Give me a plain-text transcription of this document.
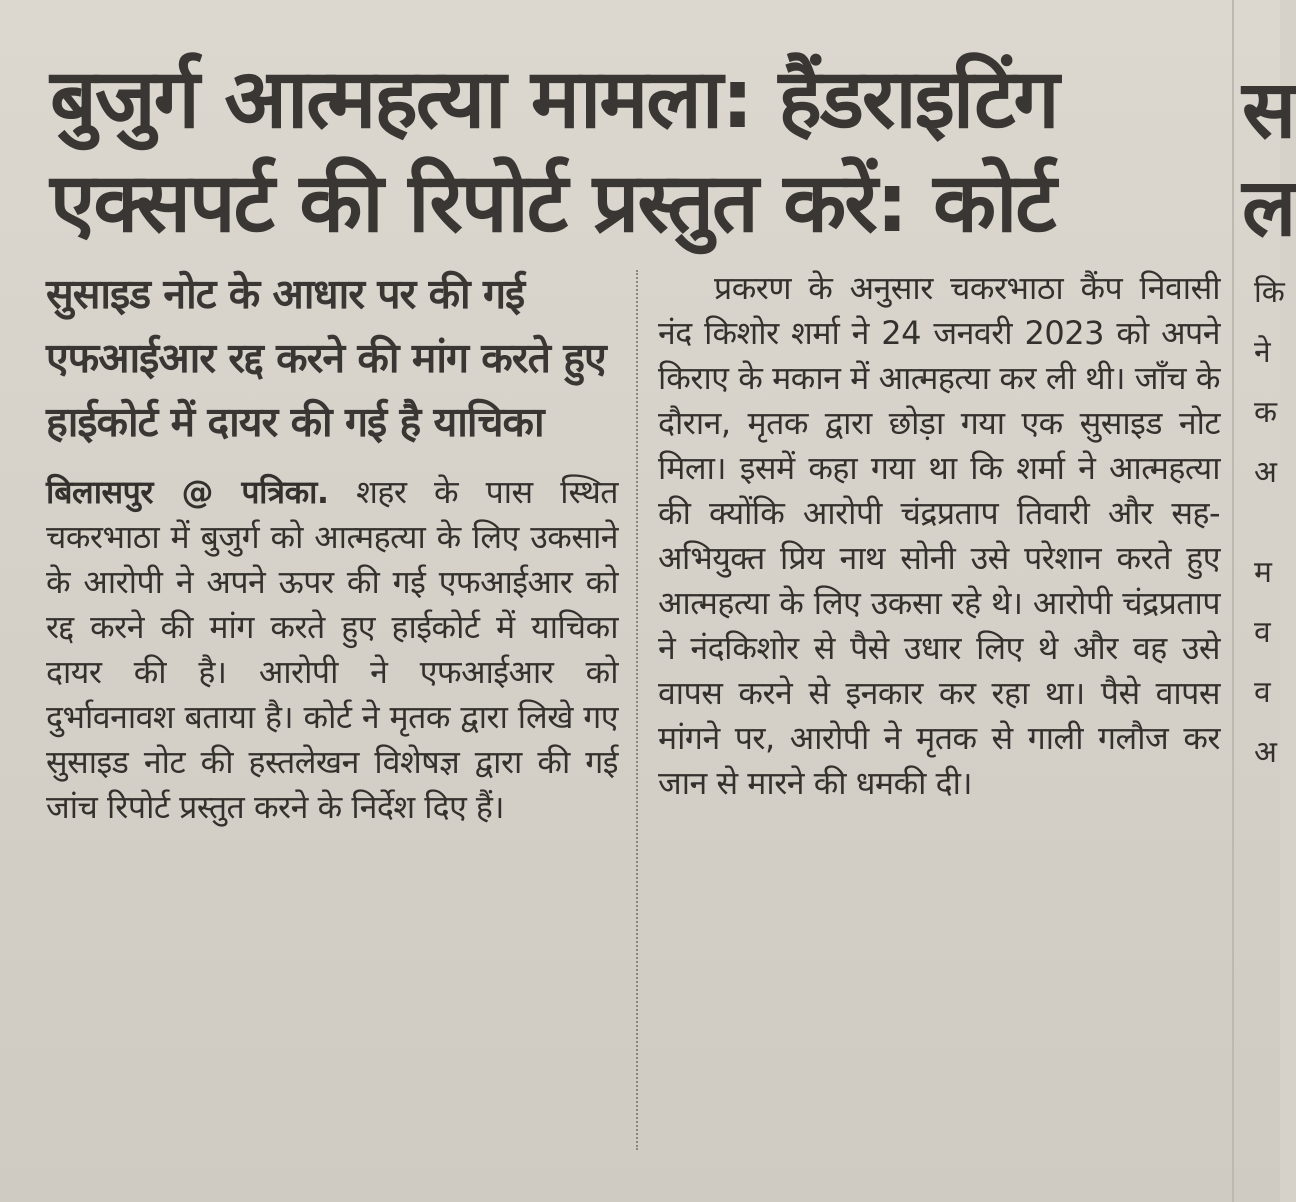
बुजुर्ग आत्महत्या मामला: हैंडराइटिंग
एक्सपर्ट की रिपोर्ट प्रस्तुत करें: कोर्ट
सुसाइड नोट के आधार पर की गई एफआईआर रद्द करने की मांग करते हुए हाईकोर्ट में दायर की गई है याचिका

बिलासपुर @ पत्रिका. शहर के पास स्थित चकरभाठा में बुजुर्ग को आत्महत्या के लिए उकसाने के आरोपी ने अपने ऊपर की गई एफआईआर को रद्द करने की मांग करते हुए हाईकोर्ट में याचिका दायर की है। आरोपी ने एफआईआर को दुर्भावनावश बताया है। कोर्ट ने मृतक द्वारा लिखे गए सुसाइड नोट की हस्तलेखन विशेषज्ञ द्वारा की गई जांच रिपोर्ट प्रस्तुत करने के निर्देश दिए हैं।

प्रकरण के अनुसार चकरभाठा कैंप निवासी नंद किशोर शर्मा ने 24 जनवरी 2023 को अपने किराए के मकान में आत्महत्या कर ली थी। जाँच के दौरान, मृतक द्वारा छोड़ा गया एक सुसाइड नोट मिला। इसमें कहा गया था कि शर्मा ने आत्महत्या की क्योंकि आरोपी चंद्रप्रताप तिवारी और सह-अभियुक्त प्रिय नाथ सोनी उसे परेशान करते हुए आत्महत्या के लिए उकसा रहे थे। आरोपी चंद्रप्रताप ने नंदकिशोर से पैसे उधार लिए थे और वह उसे वापस करने से इनकार कर रहा था। पैसे वापस मांगने पर, आरोपी ने मृतक से गाली गलौज कर जान से मारने की धमकी दी।

स
ल
कि
ने
क
अ
म
व
व
अ
